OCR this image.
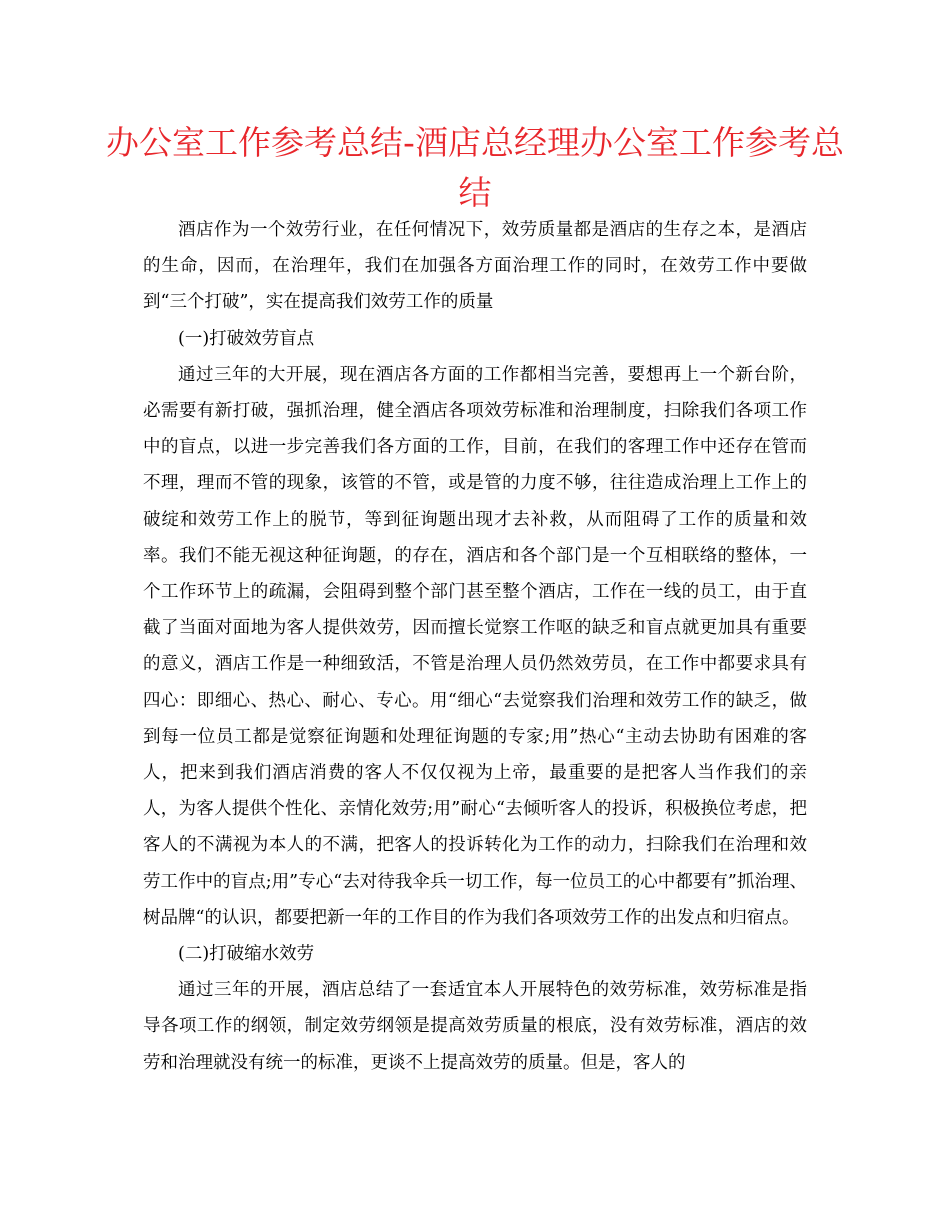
办公室工作参考总结-酒店总经理办公室工作参考总结

酒店作为一个效劳行业，在任何情况下，效劳质量都是酒店的生存之本，是酒店的生命，因而，在治理年，我们在加强各方面治理工作的同时，在效劳工作中要做到“三个打破”，实在提高我们效劳工作的质量

(一)打破效劳盲点

通过三年的大开展，现在酒店各方面的工作都相当完善，要想再上一个新台阶，必需要有新打破，强抓治理，健全酒店各项效劳标准和治理制度，扫除我们各项工作中的盲点，以进一步完善我们各方面的工作，目前，在我们的客理工作中还存在管而不理，理而不管的现象，该管的不管，或是管的力度不够，往往造成治理上工作上的破绽和效劳工作上的脱节，等到征询题出现才去补救，从而阻碍了工作的质量和效率。我们不能无视这种征询题，的存在，酒店和各个部门是一个互相联络的整体，一个工作环节上的疏漏，会阻碍到整个部门甚至整个酒店，工作在一线的员工，由于直截了当面对面地为客人提供效劳，因而擅长觉察工作呕的缺乏和盲点就更加具有重要的意义，酒店工作是一种细致活，不管是治理人员仍然效劳员，在工作中都要求具有四心：即细心、热心、耐心、专心。用“细心“去觉察我们治理和效劳工作的缺乏，做到每一位员工都是觉察征询题和处理征询题的专家;用”热心“主动去协助有困难的客人，把来到我们酒店消费的客人不仅仅视为上帝，最重要的是把客人当作我们的亲人，为客人提供个性化、亲情化效劳;用”耐心“去倾听客人的投诉，积极换位考虑，把客人的不满视为本人的不满，把客人的投诉转化为工作的动力，扫除我们在治理和效劳工作中的盲点;用”专心“去对待我伞兵一切工作，每一位员工的心中都要有”抓治理、树品牌“的认识，都要把新一年的工作目的作为我们各项效劳工作的出发点和归宿点。

(二)打破缩水效劳

通过三年的开展，酒店总结了一套适宜本人开展特色的效劳标准，效劳标准是指导各项工作的纲领，制定效劳纲领是提高效劳质量的根底，没有效劳标准，酒店的效劳和治理就没有统一的标准，更谈不上提高效劳的质量。但是，客人的
